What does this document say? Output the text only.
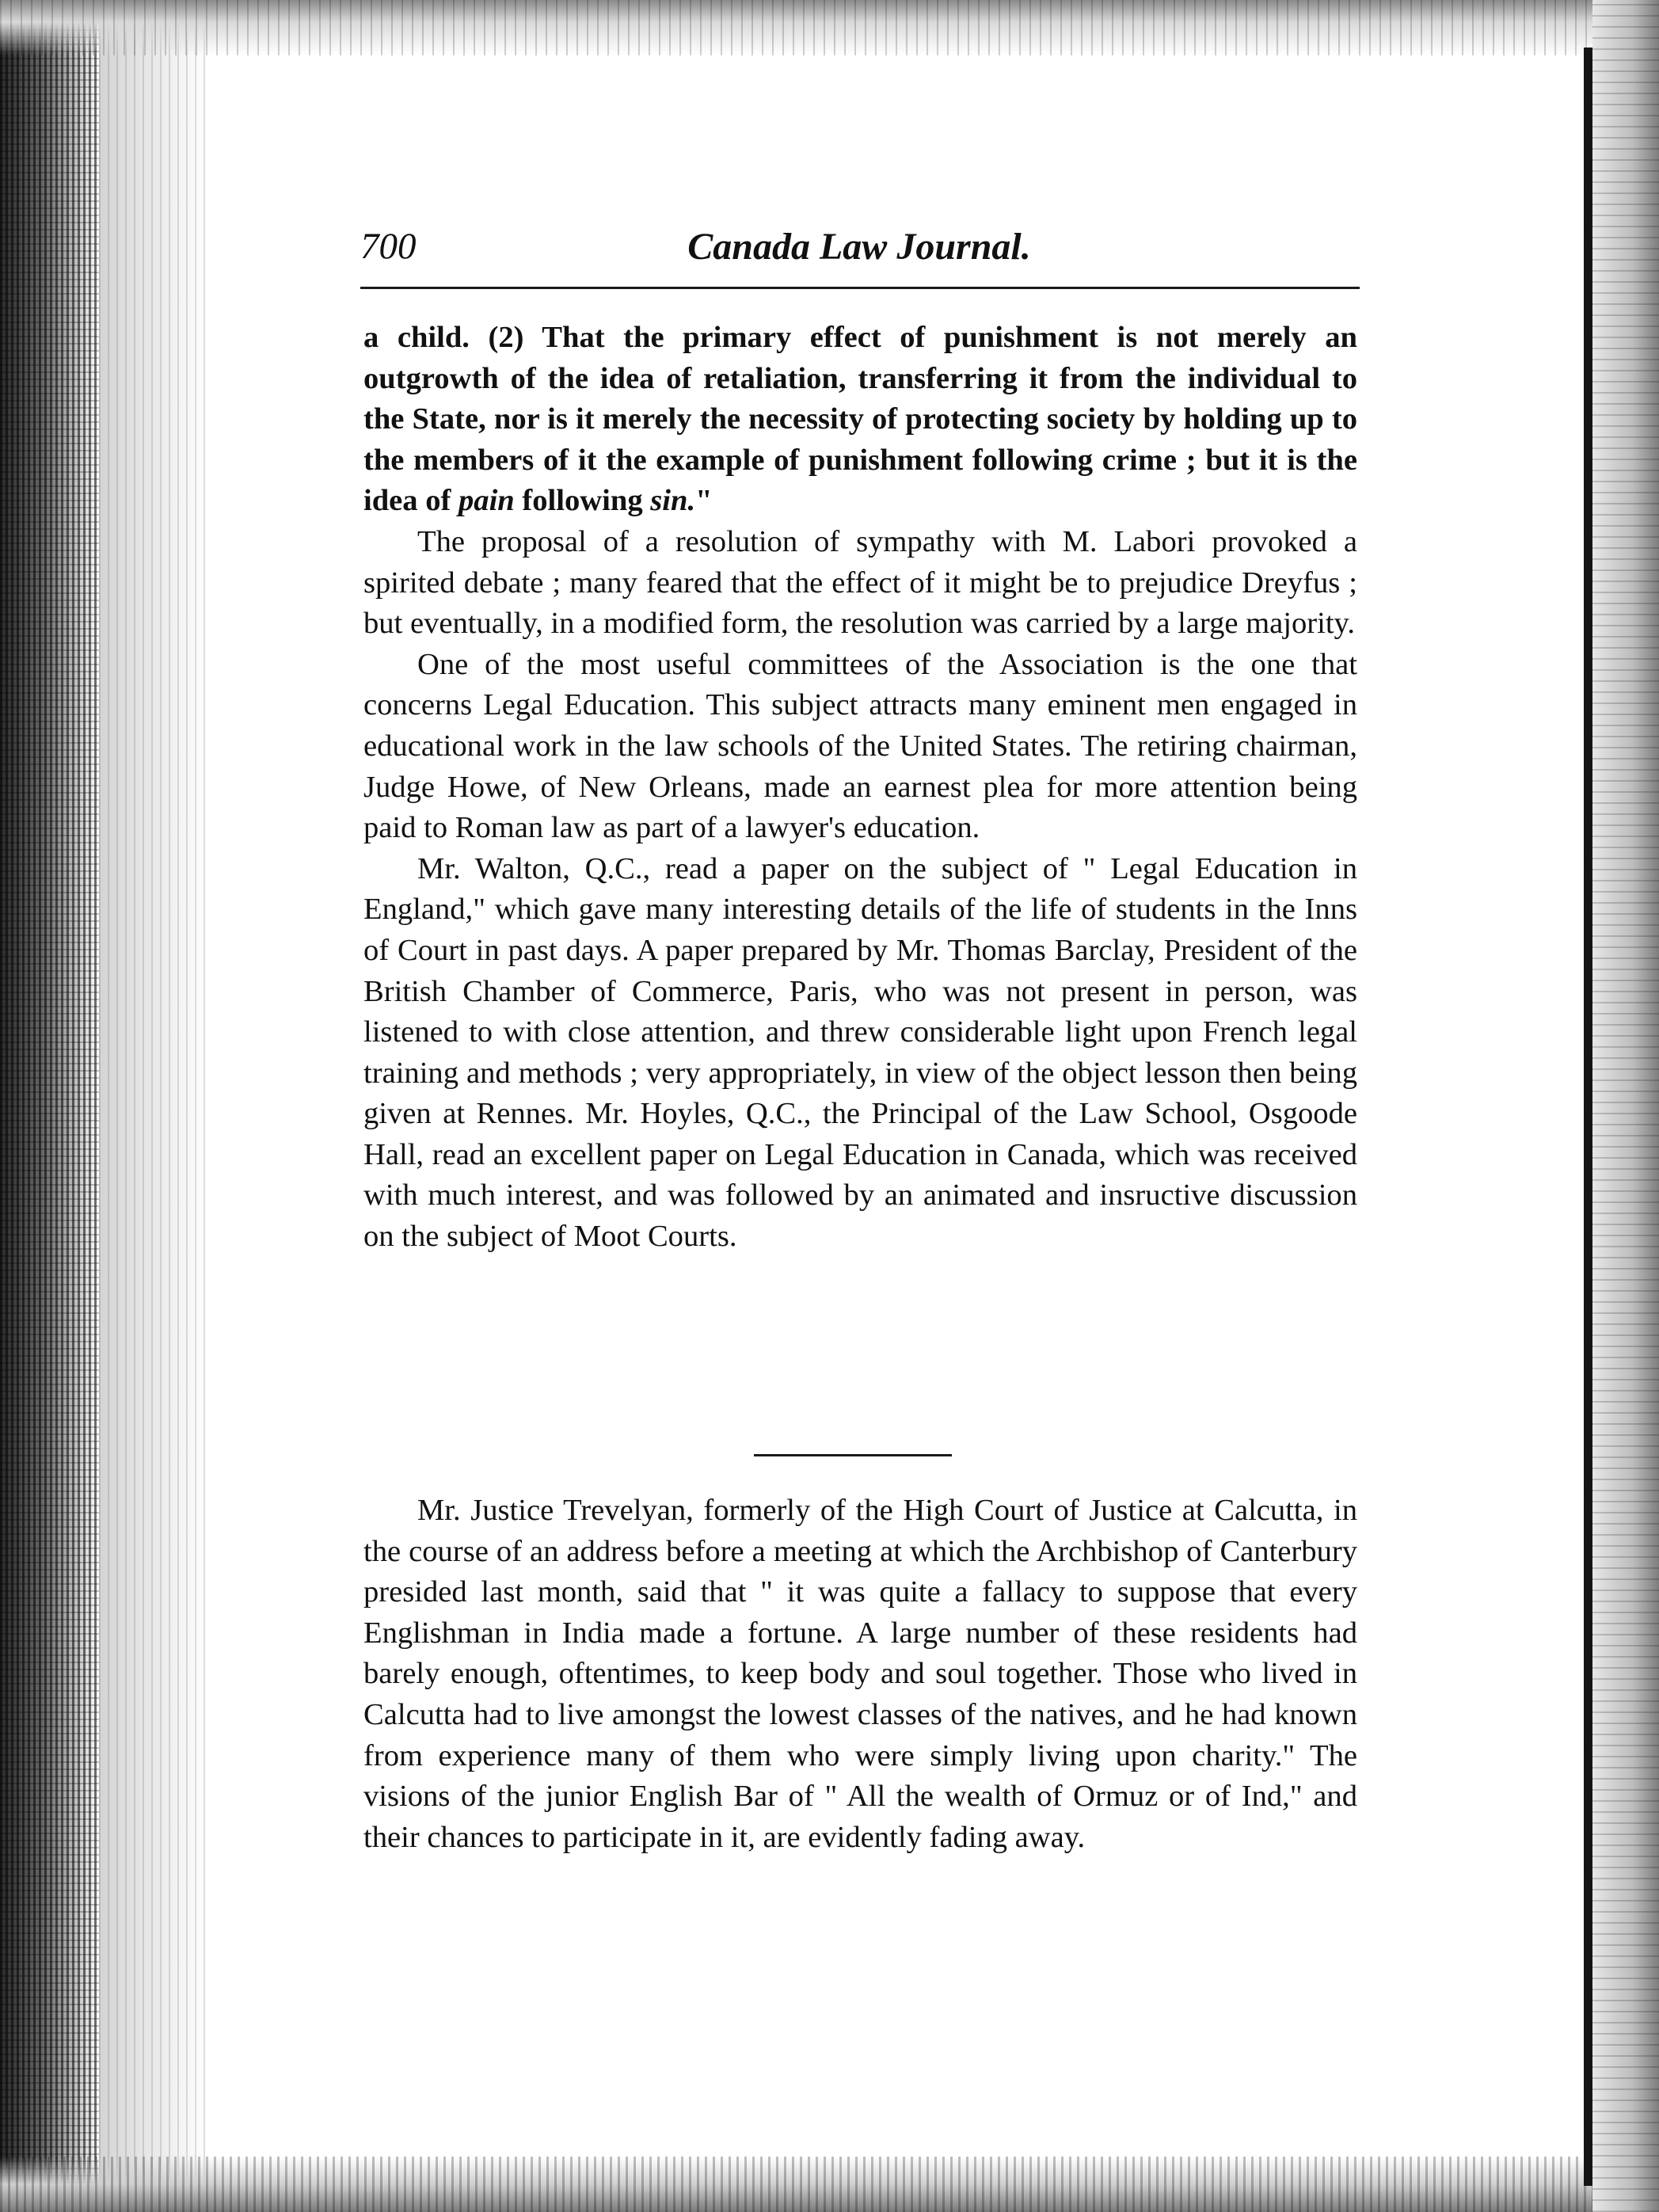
700	Canada Law Journal.

a child. (2) That the primary effect of punishment is not merely an outgrowth of the idea of retaliation, transferring it from the individual to the State, nor is it merely the necessity of protecting society by holding up to the members of it the example of punishment following crime ; but it is the idea of pain following sin."

The proposal of a resolution of sympathy with M. Labori provoked a spirited debate ; many feared that the effect of it might be to prejudice Dreyfus ; but eventually, in a modified form, the resolution was carried by a large majority.

One of the most useful committees of the Association is the one that concerns Legal Education. This subject attracts many eminent men engaged in educational work in the law schools of the United States. The retiring chairman, Judge Howe, of New Orleans, made an earnest plea for more attention being paid to Roman law as part of a lawyer's education.

Mr. Walton, Q.C., read a paper on the subject of " Legal Education in England," which gave many interesting details of the life of students in the Inns of Court in past days. A paper prepared by Mr. Thomas Barclay, President of the British Chamber of Commerce, Paris, who was not present in person, was listened to with close attention, and threw considerable light upon French legal training and methods ; very appropriately, in view of the object lesson then being given at Rennes. Mr. Hoyles, Q.C., the Principal of the Law School, Osgoode Hall, read an excellent paper on Legal Education in Canada, which was received with much interest, and was followed by an animated and insructive discussion on the subject of Moot Courts.

Mr. Justice Trevelyan, formerly of the High Court of Justice at Calcutta, in the course of an address before a meeting at which the Archbishop of Canterbury presided last month, said that " it was quite a fallacy to suppose that every Englishman in India made a fortune. A large number of these residents had barely enough, oftentimes, to keep body and soul together. Those who lived in Calcutta had to live amongst the lowest classes of the natives, and he had known from experience many of them who were simply living upon charity." The visions of the junior English Bar of " All the wealth of Ormuz or of Ind," and their chances to participate in it, are evidently fading away.
